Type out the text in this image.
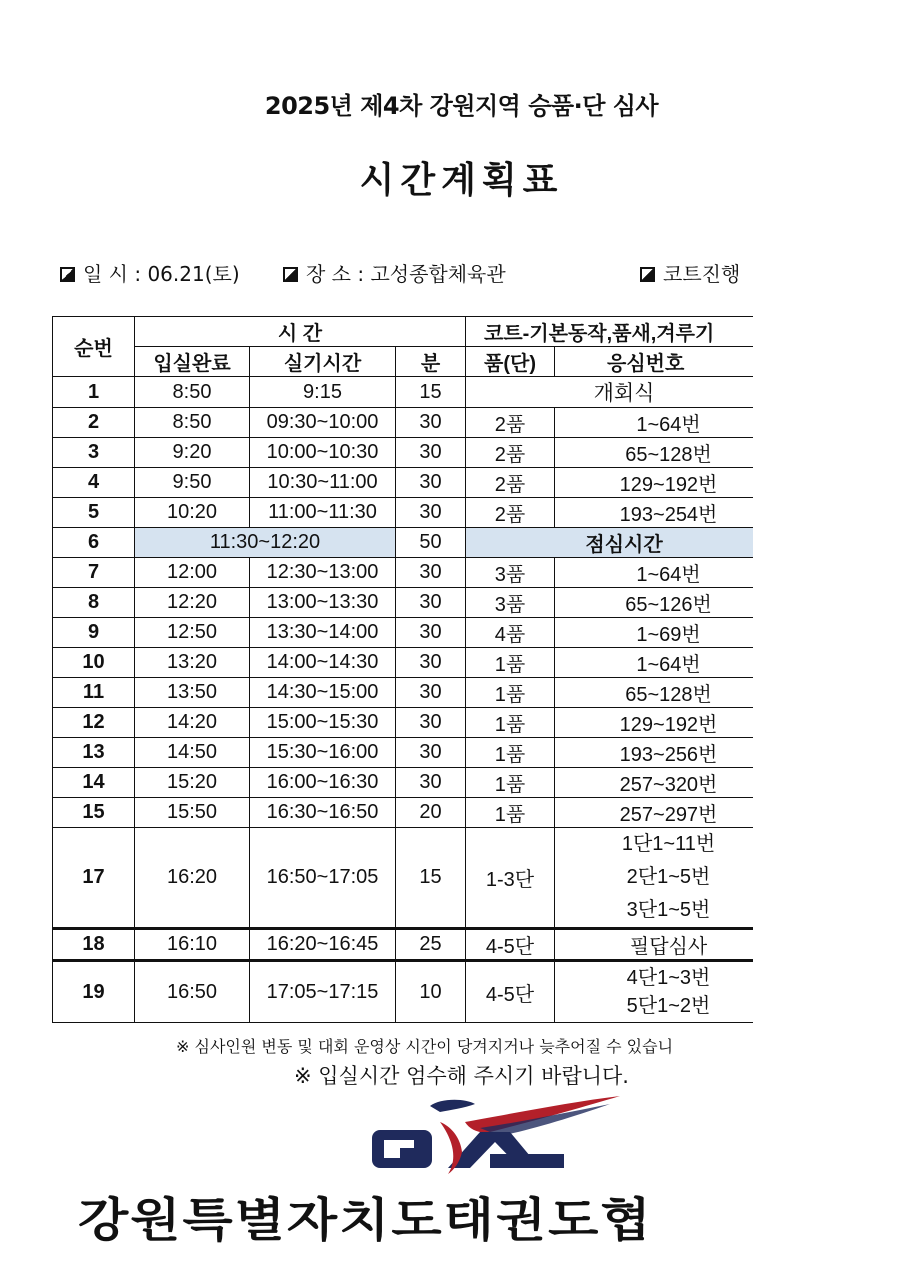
2025년 제4차 강원지역 승품·단 심사
시간계획표
일 시 : 06.21(토)	장 소 : 고성종합체육관	코트진행
순번	시 간			코트-기본동작,품새,겨루기	
	입실완료	실기시간	분	품(단)	응심번호
1	8:50	9:15	15	개회식	
2	8:50	09:30~10:00	30	2품	1~64번
3	9:20	10:00~10:30	30	2품	65~128번
4	9:50	10:30~11:00	30	2품	129~192번
5	10:20	11:00~11:30	30	2품	193~254번
6	11:30~12:20		50	점심시간	
7	12:00	12:30~13:00	30	3품	1~64번
8	12:20	13:00~13:30	30	3품	65~126번
9	12:50	13:30~14:00	30	4품	1~69번
10	13:20	14:00~14:30	30	1품	1~64번
11	13:50	14:30~15:00	30	1품	65~128번
12	14:20	15:00~15:30	30	1품	129~192번
13	14:50	15:30~16:00	30	1품	193~256번
14	15:20	16:00~16:30	30	1품	257~320번
15	15:50	16:30~16:50	20	1품	257~297번
17	16:20	16:50~17:05	15	1-3단	1단1~11번
2단1~5번
3단1~5번

18	16:10	16:20~16:45	25	4-5단	필답심사
19	16:50	17:05~17:15	10	4-5단	4단1~3번
5단1~2번
※ 심사인원 변동 및 대회 운영상 시간이 당겨지거나 늦추어질 수 있습니
강원특별자치도태권도협
※ 입실시간 엄수해 주시기 바랍니다.
